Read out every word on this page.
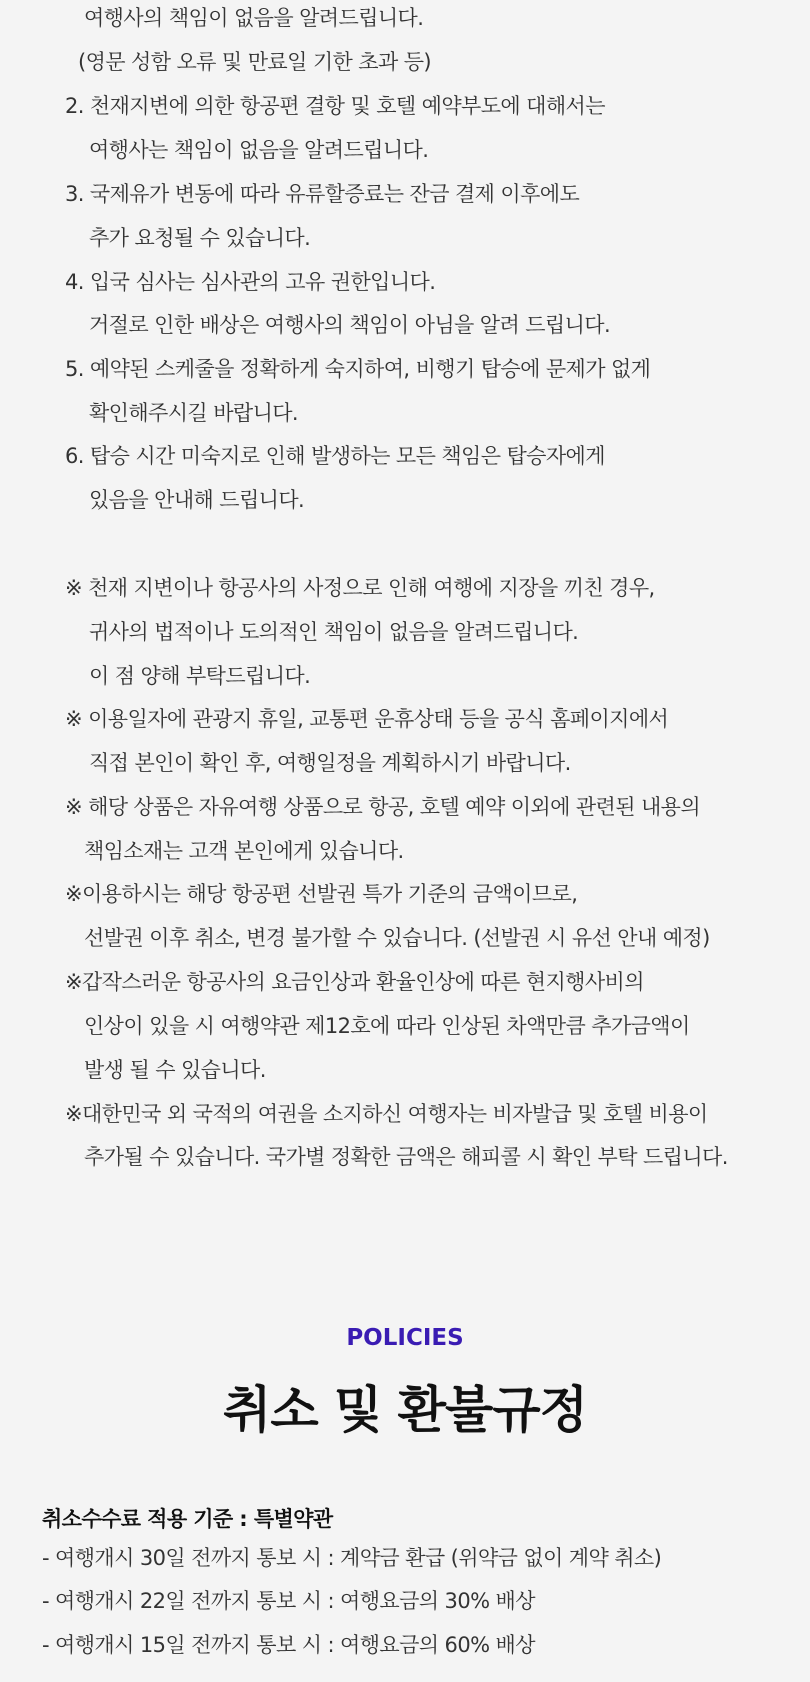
여행사의 책임이 없음을 알려드립니다.
(영문 성함 오류 및 만료일 기한 초과 등)
2. 천재지변에 의한 항공편 결항 및 호텔 예약부도에 대해서는
여행사는 책임이 없음을 알려드립니다.
3. 국제유가 변동에 따라 유류할증료는 잔금 결제 이후에도
추가 요청될 수 있습니다.
4. 입국 심사는 심사관의 고유 권한입니다.
거절로 인한 배상은 여행사의 책임이 아님을 알려 드립니다.
5. 예약된 스케줄을 정확하게 숙지하여, 비행기 탑승에 문제가 없게
확인해주시길 바랍니다.
6. 탑승 시간 미숙지로 인해 발생하는 모든 책임은 탑승자에게
있음을 안내해 드립니다.
※ 천재 지변이나 항공사의 사정으로 인해 여행에 지장을 끼친 경우,
귀사의 법적이나 도의적인 책임이 없음을 알려드립니다.
이 점 양해 부탁드립니다.
※ 이용일자에 관광지 휴일, 교통편 운휴상태 등을 공식 홈페이지에서
직접 본인이 확인 후, 여행일정을 계획하시기 바랍니다.
※ 해당 상품은 자유여행 상품으로 항공, 호텔 예약 이외에 관련된 내용의
책임소재는 고객 본인에게 있습니다.
※이용하시는 해당 항공편 선발권 특가 기준의 금액이므로,
선발권 이후 취소, 변경 불가할 수 있습니다. (선발권 시 유선 안내 예정)
※갑작스러운 항공사의 요금인상과 환율인상에 따른 현지행사비의
인상이 있을 시 여행약관 제12호에 따라 인상된 차액만큼 추가금액이
발생 될 수 있습니다.
※대한민국 외 국적의 여권을 소지하신 여행자는 비자발급 및 호텔 비용이
추가될 수 있습니다. 국가별 정확한 금액은 해피콜 시 확인 부탁 드립니다.
POLICIES
취소 및 환불규정
취소수수료 적용 기준 : 특별약관
- 여행개시 30일 전까지 통보 시 : 계약금 환급 (위약금 없이 계약 취소)
- 여행개시 22일 전까지 통보 시 : 여행요금의 30% 배상
- 여행개시 15일 전까지 통보 시 : 여행요금의 60% 배상
